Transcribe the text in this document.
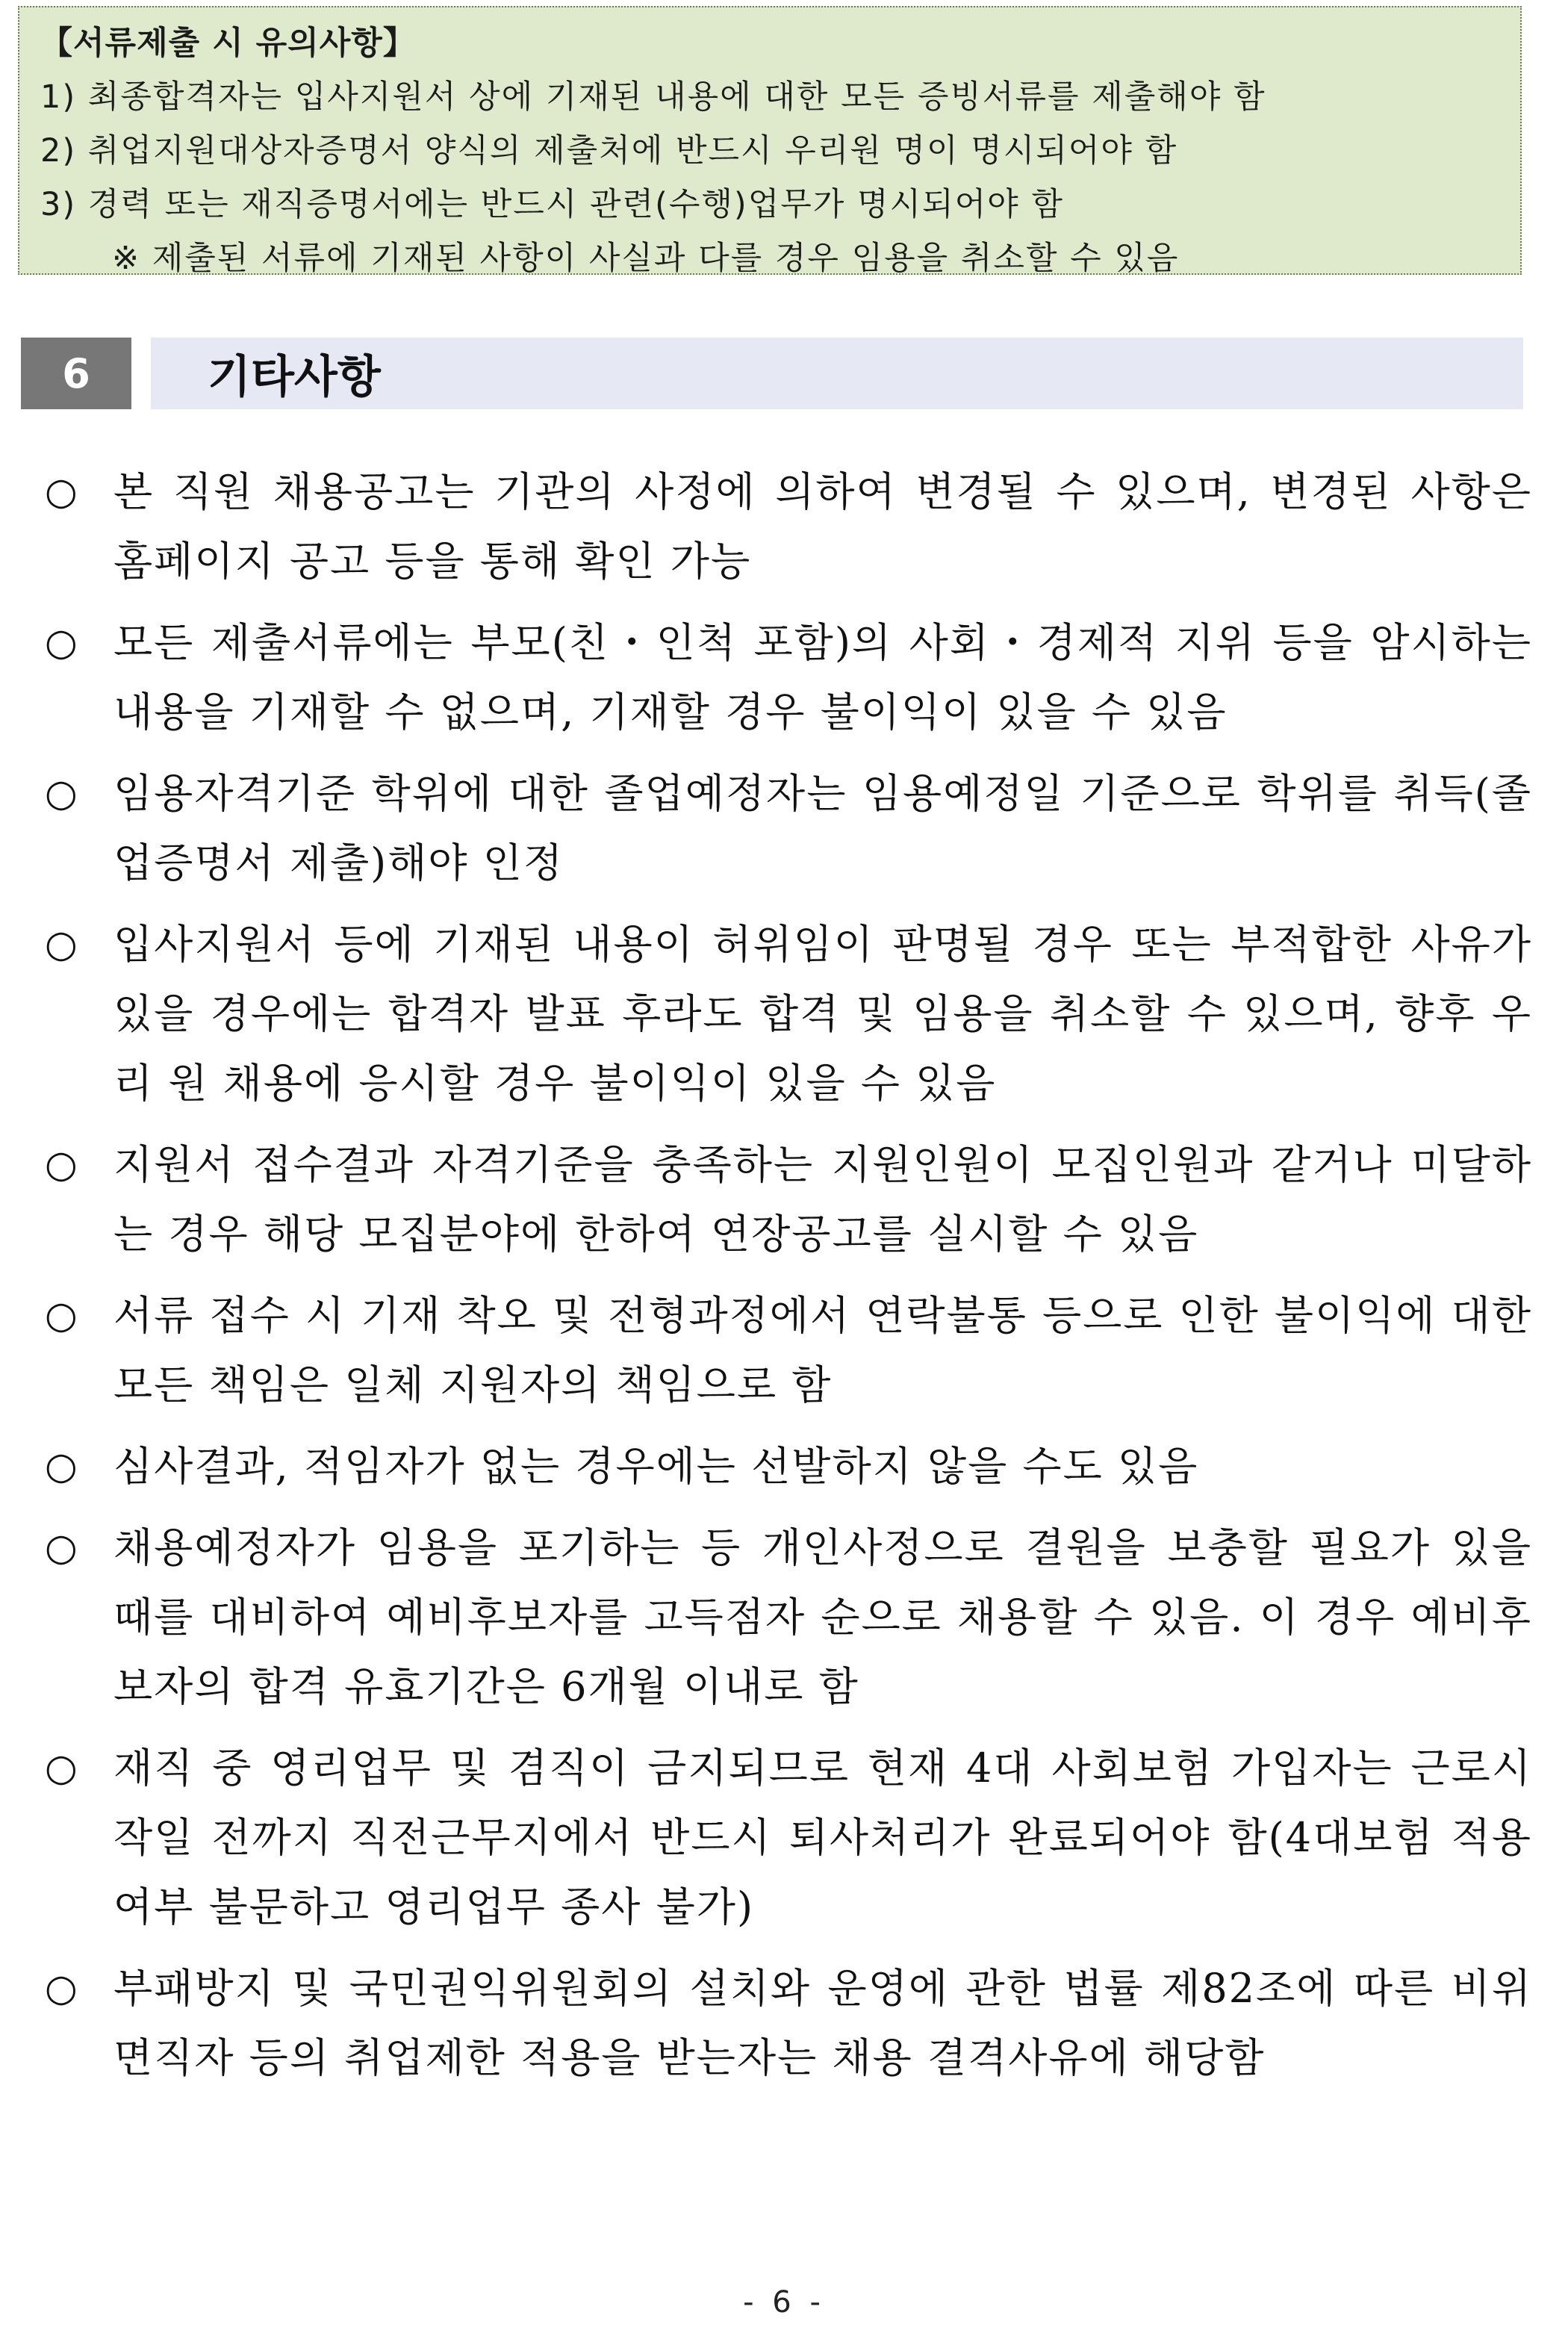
【서류제출 시 유의사항】
1) 최종합격자는 입사지원서 상에 기재된 내용에 대한 모든 증빙서류를 제출해야 함
2) 취업지원대상자증명서 양식의 제출처에 반드시 우리원 명이 명시되어야 함
3) 경력 또는 재직증명서에는 반드시 관련(수행)업무가 명시되어야 함
※ 제출된 서류에 기재된 사항이 사실과 다를 경우 임용을 취소할 수 있음
6	기타사항
○ 본 직원 채용공고는 기관의 사정에 의하여 변경될 수 있으며, 변경된 사항은 홈페이지 공고 등을 통해 확인 가능
○ 모든 제출서류에는 부모(친・인척 포함)의 사회・경제적 지위 등을 암시하는 내용을 기재할 수 없으며, 기재할 경우 불이익이 있을 수 있음
○ 임용자격기준 학위에 대한 졸업예정자는 임용예정일 기준으로 학위를 취득(졸업증명서 제출)해야 인정
○ 입사지원서 등에 기재된 내용이 허위임이 판명될 경우 또는 부적합한 사유가 있을 경우에는 합격자 발표 후라도 합격 및 임용을 취소할 수 있으며, 향후 우리 원 채용에 응시할 경우 불이익이 있을 수 있음
○ 지원서 접수결과 자격기준을 충족하는 지원인원이 모집인원과 같거나 미달하는 경우 해당 모집분야에 한하여 연장공고를 실시할 수 있음
○ 서류 접수 시 기재 착오 및 전형과정에서 연락불통 등으로 인한 불이익에 대한 모든 책임은 일체 지원자의 책임으로 함
○ 심사결과, 적임자가 없는 경우에는 선발하지 않을 수도 있음
○ 채용예정자가 임용을 포기하는 등 개인사정으로 결원을 보충할 필요가 있을 때를 대비하여 예비후보자를 고득점자 순으로 채용할 수 있음. 이 경우 예비후보자의 합격 유효기간은 6개월 이내로 함
○ 재직 중 영리업무 및 겸직이 금지되므로 현재 4대 사회보험 가입자는 근로시작일 전까지 직전근무지에서 반드시 퇴사처리가 완료되어야 함(4대보험 적용여부 불문하고 영리업무 종사 불가)
○ 부패방지 및 국민권익위원회의 설치와 운영에 관한 법률 제82조에 따른 비위면직자 등의 취업제한 적용을 받는자는 채용 결격사유에 해당함
- 6 -
